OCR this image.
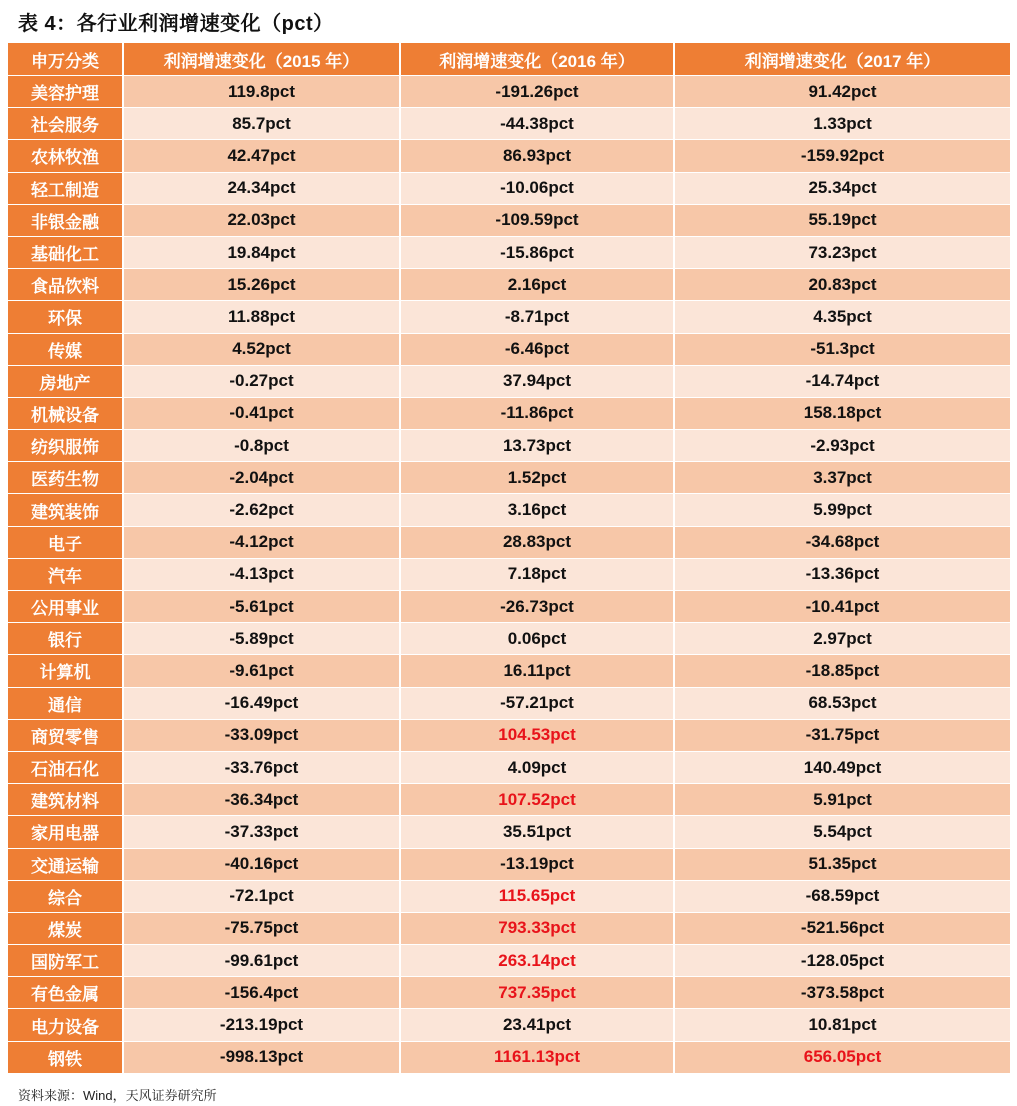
表 4：各行业利润增速变化（pct）
申万分类	利润增速变化（2015 年）	利润增速变化（2016 年）	利润增速变化（2017 年）
美容护理	119.8pct	-191.26pct	91.42pct
社会服务	85.7pct	-44.38pct	1.33pct
农林牧渔	42.47pct	86.93pct	-159.92pct
轻工制造	24.34pct	-10.06pct	25.34pct
非银金融	22.03pct	-109.59pct	55.19pct
基础化工	19.84pct	-15.86pct	73.23pct
食品饮料	15.26pct	2.16pct	20.83pct
环保	11.88pct	-8.71pct	4.35pct
传媒	4.52pct	-6.46pct	-51.3pct
房地产	-0.27pct	37.94pct	-14.74pct
机械设备	-0.41pct	-11.86pct	158.18pct
纺织服饰	-0.8pct	13.73pct	-2.93pct
医药生物	-2.04pct	1.52pct	3.37pct
建筑装饰	-2.62pct	3.16pct	5.99pct
电子	-4.12pct	28.83pct	-34.68pct
汽车	-4.13pct	7.18pct	-13.36pct
公用事业	-5.61pct	-26.73pct	-10.41pct
银行	-5.89pct	0.06pct	2.97pct
计算机	-9.61pct	16.11pct	-18.85pct
通信	-16.49pct	-57.21pct	68.53pct
商贸零售	-33.09pct	104.53pct	-31.75pct
石油石化	-33.76pct	4.09pct	140.49pct
建筑材料	-36.34pct	107.52pct	5.91pct
家用电器	-37.33pct	35.51pct	5.54pct
交通运输	-40.16pct	-13.19pct	51.35pct
综合	-72.1pct	115.65pct	-68.59pct
煤炭	-75.75pct	793.33pct	-521.56pct
国防军工	-99.61pct	263.14pct	-128.05pct
有色金属	-156.4pct	737.35pct	-373.58pct
电力设备	-213.19pct	23.41pct	10.81pct
钢铁	-998.13pct	1161.13pct	656.05pct
资料来源：Wind，天风证券研究所
